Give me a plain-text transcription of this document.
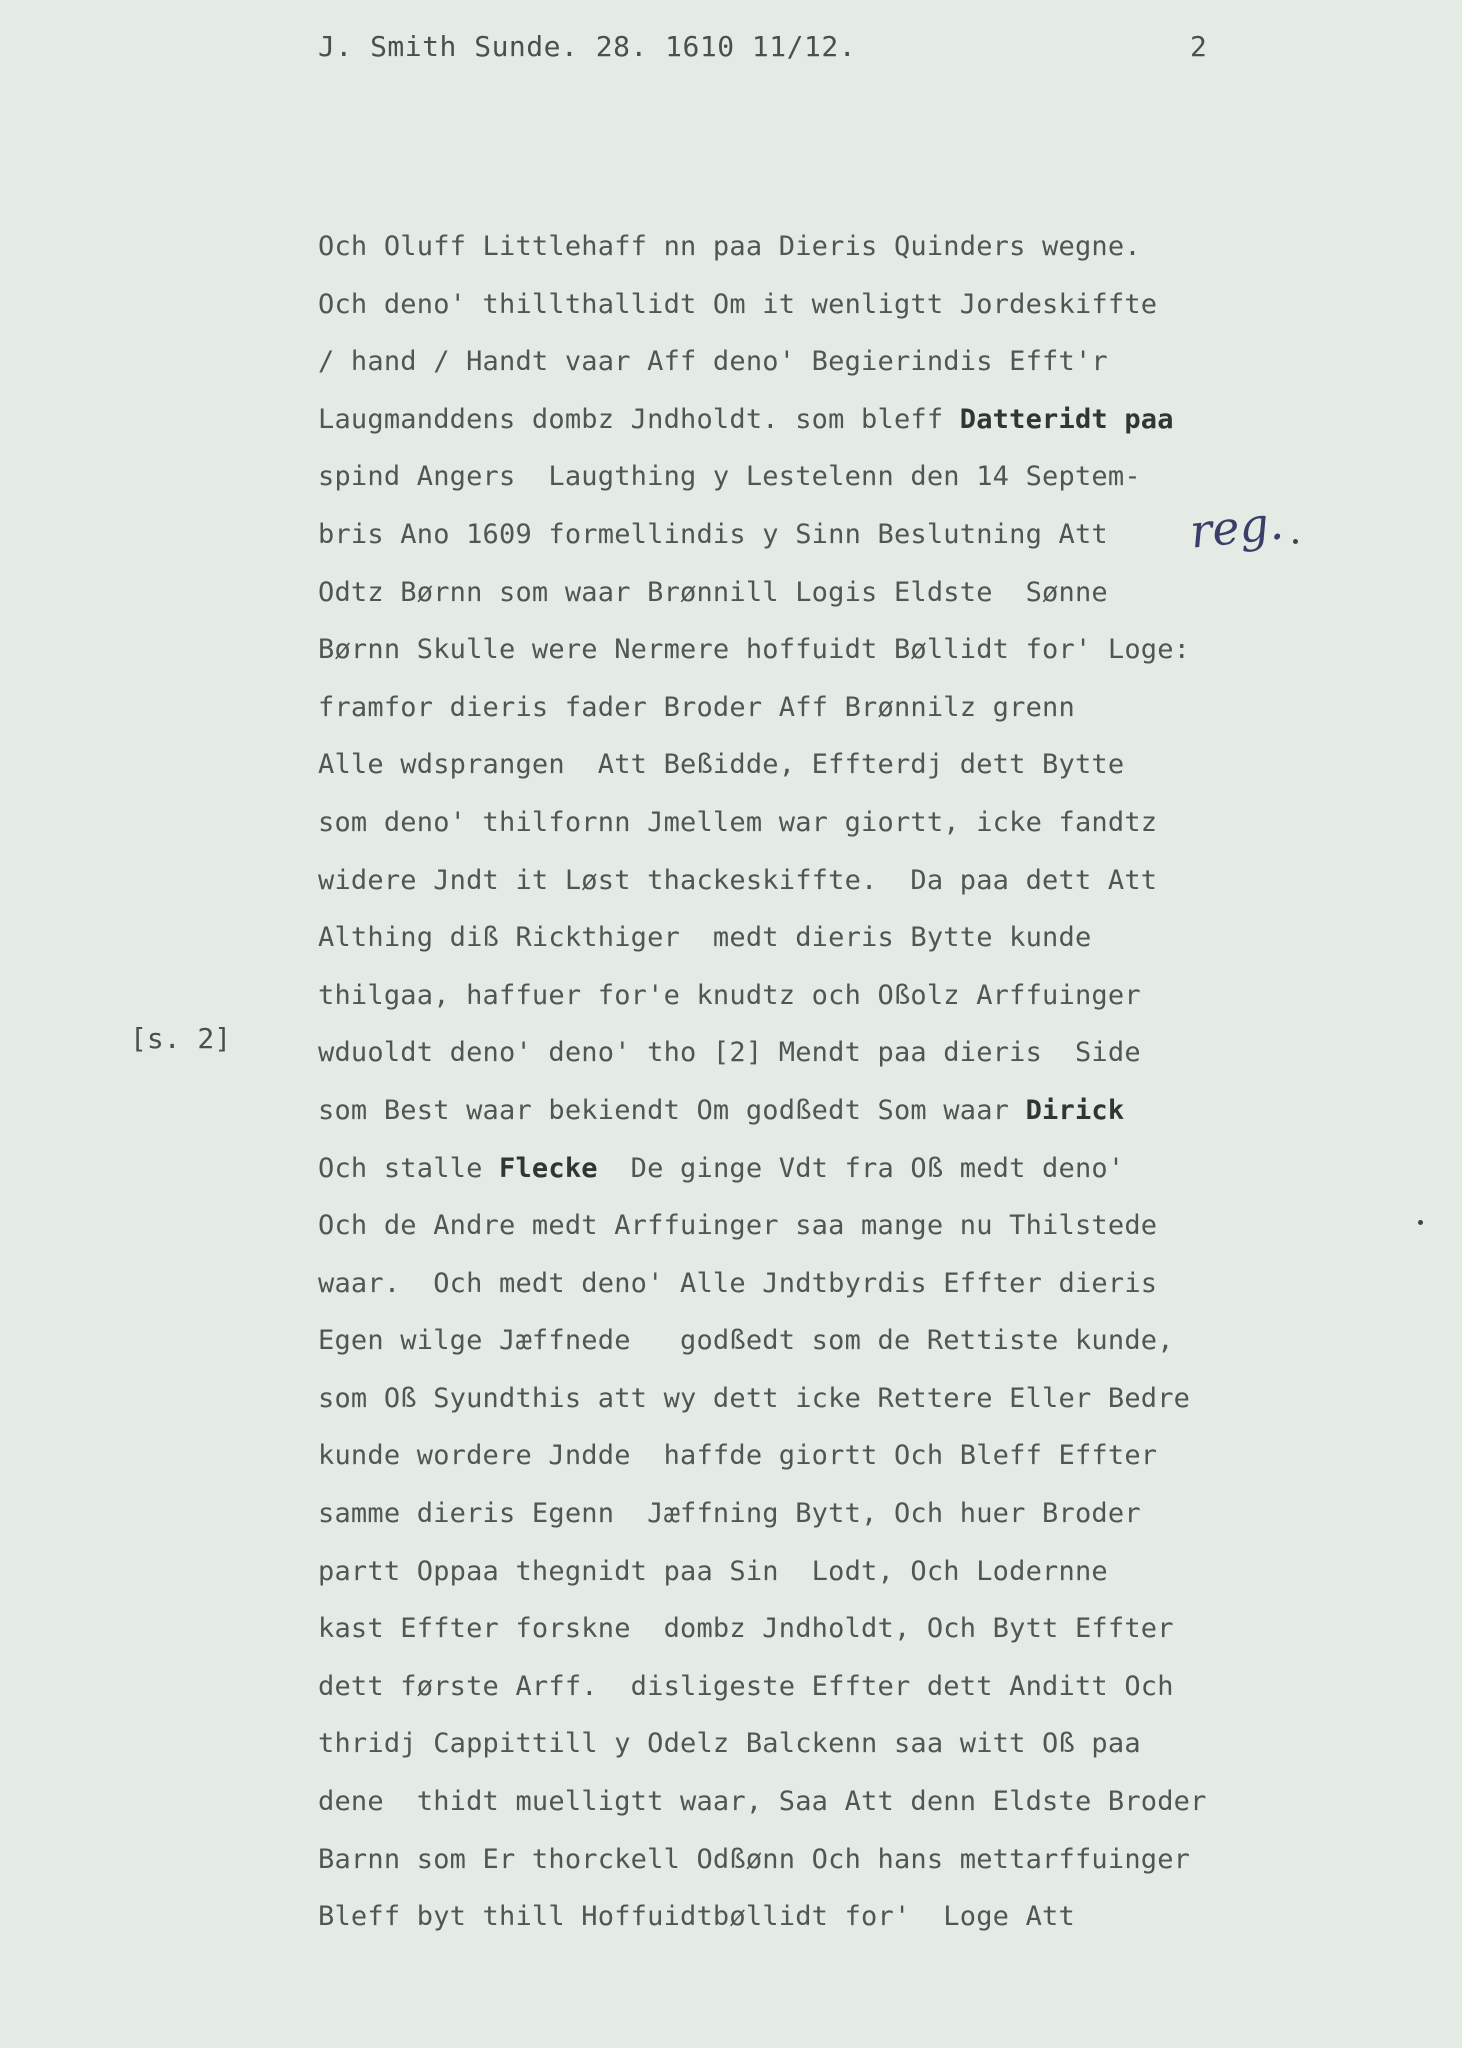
J. Smith Sunde. 28. 1610 11/12.	2
[s. 2]
Och Oluff Littlehaff nn paa Dieris Quinders wegne.
Och deno' thillthallidt Om it wenligtt Jordeskiffte
/ hand / Handt vaar Aff deno' Begierindis Efft'r
Laugmanddens dombz Jndholdt. som bleff Datteridt paa
spind Angers  Laugthing y Lestelenn den 14 Septem-
bris Ano 1609 formellindis y Sinn Beslutning Att
Odtz Børnn som waar Brønnill Logis Eldste  Sønne
Børnn Skulle were Nermere hoffuidt Bøllidt for' Loge:
framfor dieris fader Broder Aff Brønnilz grenn
Alle wdsprangen  Att Beßidde, Effterdj dett Bytte
som deno' thilfornn Jmellem war giortt, icke fandtz
widere Jndt it Løst thackeskiffte.  Da paa dett Att
Althing diß Rickthiger  medt dieris Bytte kunde
thilgaa, haffuer for'e knudtz och Oßolz Arffuinger
wduoldt deno' deno' tho [2] Mendt paa dieris  Side
som Best waar bekiendt Om godßedt Som waar Dirick
Och stalle Flecke  De ginge Vdt fra Oß medt deno'
Och de Andre medt Arffuinger saa mange nu Thilstede
waar.  Och medt deno' Alle Jndtbyrdis Effter dieris
Egen wilge Jæffnede   godßedt som de Rettiste kunde,
som Oß Syundthis att wy dett icke Rettere Eller Bedre
kunde wordere Jndde  haffde giortt Och Bleff Effter
samme dieris Egenn  Jæffning Bytt, Och huer Broder
partt Oppaa thegnidt paa Sin  Lodt, Och Lodernne
kast Effter forskne  dombz Jndholdt, Och Bytt Effter
dett første Arff.  disligeste Effter dett Anditt Och
thridj Cappittill y Odelz Balckenn saa witt Oß paa
dene  thidt muelligtt waar, Saa Att denn Eldste Broder
Barnn som Er thorckell Odßønn Och hans mettarffuinger
Bleff byt thill Hoffuidtbøllidt for'  Loge Att
reg.
